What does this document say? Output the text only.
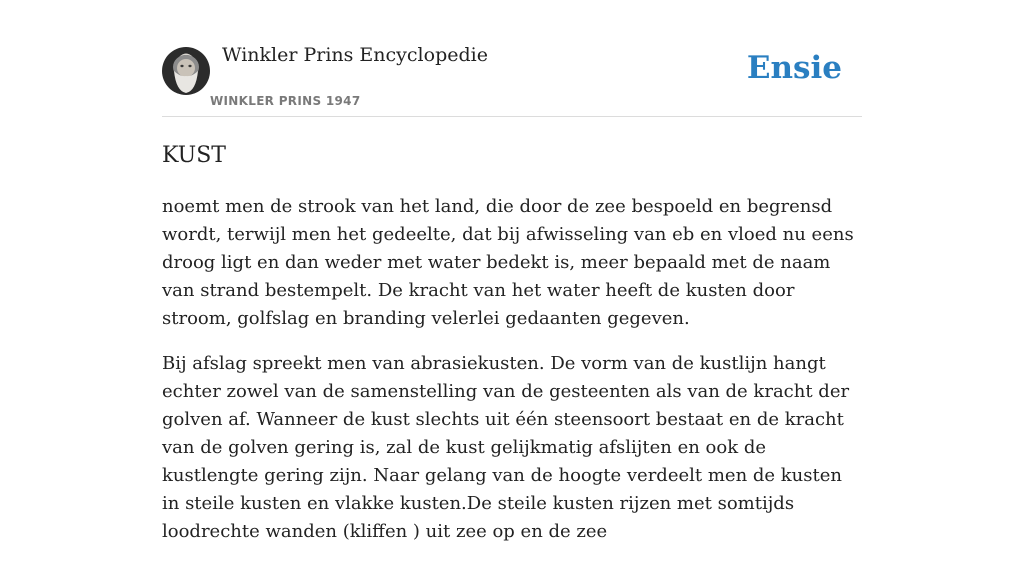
Winkler Prins Encyclopedie
WINKLER PRINS 1947
Ensie
KUST

noemt men de strook van het land, die door de zee bespoeld en begrensd wordt, terwijl men het gedeelte, dat bij afwisseling van eb en vloed nu eens droog ligt en dan weder met water bedekt is, meer bepaald met de naam van strand bestempelt. De kracht van het water heeft de kusten door stroom, golfslag en branding velerlei gedaanten gegeven.

Bij afslag spreekt men van abrasiekusten. De vorm van de kustlijn hangt echter zowel van de samenstelling van de gesteenten als van de kracht der golven af. Wanneer de kust slechts uit één steensoort bestaat en de kracht van de golven gering is, zal de kust gelijkmatig afslijten en ook de kustlengte gering zijn. Naar gelang van de hoogte verdeelt men de kusten in steile kusten en vlakke kusten.De steile kusten rijzen met somtijds loodrechte wanden (kliffen ) uit zee op en de zee
